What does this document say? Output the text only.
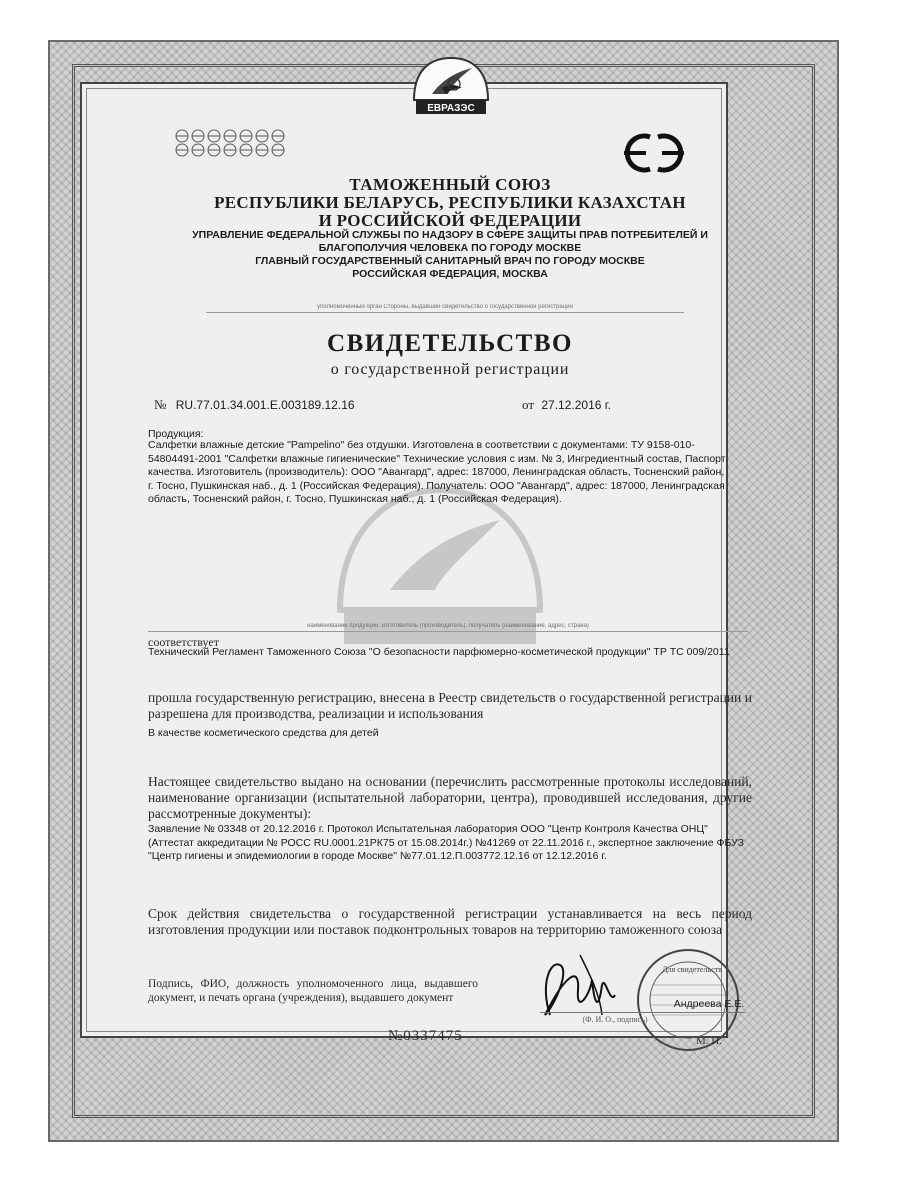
ЕВРАЗЭС
ТАМОЖЕННЫЙ СОЮЗ
РЕСПУБЛИКИ БЕЛАРУСЬ, РЕСПУБЛИКИ КАЗАХСТАН
И РОССИЙСКОЙ ФЕДЕРАЦИИ
УПРАВЛЕНИЕ ФЕДЕРАЛЬНОЙ СЛУЖБЫ ПО НАДЗОРУ В СФЕРЕ ЗАЩИТЫ ПРАВ ПОТРЕБИТЕЛЕЙ И
БЛАГОПОЛУЧИЯ ЧЕЛОВЕКА ПО ГОРОДУ МОСКВЕ
ГЛАВНЫЙ ГОСУДАРСТВЕННЫЙ САНИТАРНЫЙ ВРАЧ ПО ГОРОДУ МОСКВЕ
РОССИЙСКАЯ ФЕДЕРАЦИЯ, МОСКВА
уполномоченный орган Стороны, выдавший свидетельство о государственной регистрации
СВИДЕТЕЛЬСТВО
о государственной регистрации
№ RU.77.01.34.001.E.003189.12.16	от 27.12.2016 г.
Продукция:
Салфетки влажные детские "Pampelino" без отдушки. Изготовлена в соответствии с документами: ТУ 9158-010-54804491-2001 "Салфетки влажные гигиенические" Технические условия с изм. № 3, Ингредиентный состав, Паспорт качества. Изготовитель (производитель): ООО "Авангард", адрес: 187000, Ленинградская область, Тосненский район, г. Тосно, Пушкинская наб., д. 1 (Российская Федерация). Получатель: ООО "Авангард", адрес: 187000, Ленинградская область, Тосненский район, г. Тосно, Пушкинская наб., д. 1 (Российская Федерация).
наименование продукции, изготовитель (производитель), получатель (наименование, адрес, страна)
соответствует
Технический Регламент Таможенного Союза "О безопасности парфюмерно-косметической продукции" ТР ТС 009/2011
прошла государственную регистрацию, внесена в Реестр свидетельств о государственной регистрации и разрешена для производства, реализации и использования
В качестве косметического средства для детей
Настоящее свидетельство выдано на основании (перечислить рассмотренные протоколы исследований, наименование организации (испытательной лаборатории, центра), проводившей исследования, другие рассмотренные документы):
Заявление № 03348 от 20.12.2016 г. Протокол Испытательная лаборатория ООО "Центр Контроля Качества ОНЦ" (Аттестат аккредитации № РОСС RU.0001.21РК75 от 15.08.2014г.) №41269 от 22.11.2016 г., экспертное заключение ФБУЗ "Центр гигиены и эпидемиологии в городе Москве" №77.01.12.П.003772.12.16 от 12.12.2016 г.
Срок действия свидетельства о государственной регистрации устанавливается на весь период изготовления продукции или поставок подконтрольных товаров на территорию таможенного союза
Подпись, ФИО, должность уполномоченного лица, выдавшего документ, и печать органа (учреждения), выдавшего документ
Для свидетельств
Андреева Е.Е.
(Ф. И. О., подпись)
№0337475	М. П.
